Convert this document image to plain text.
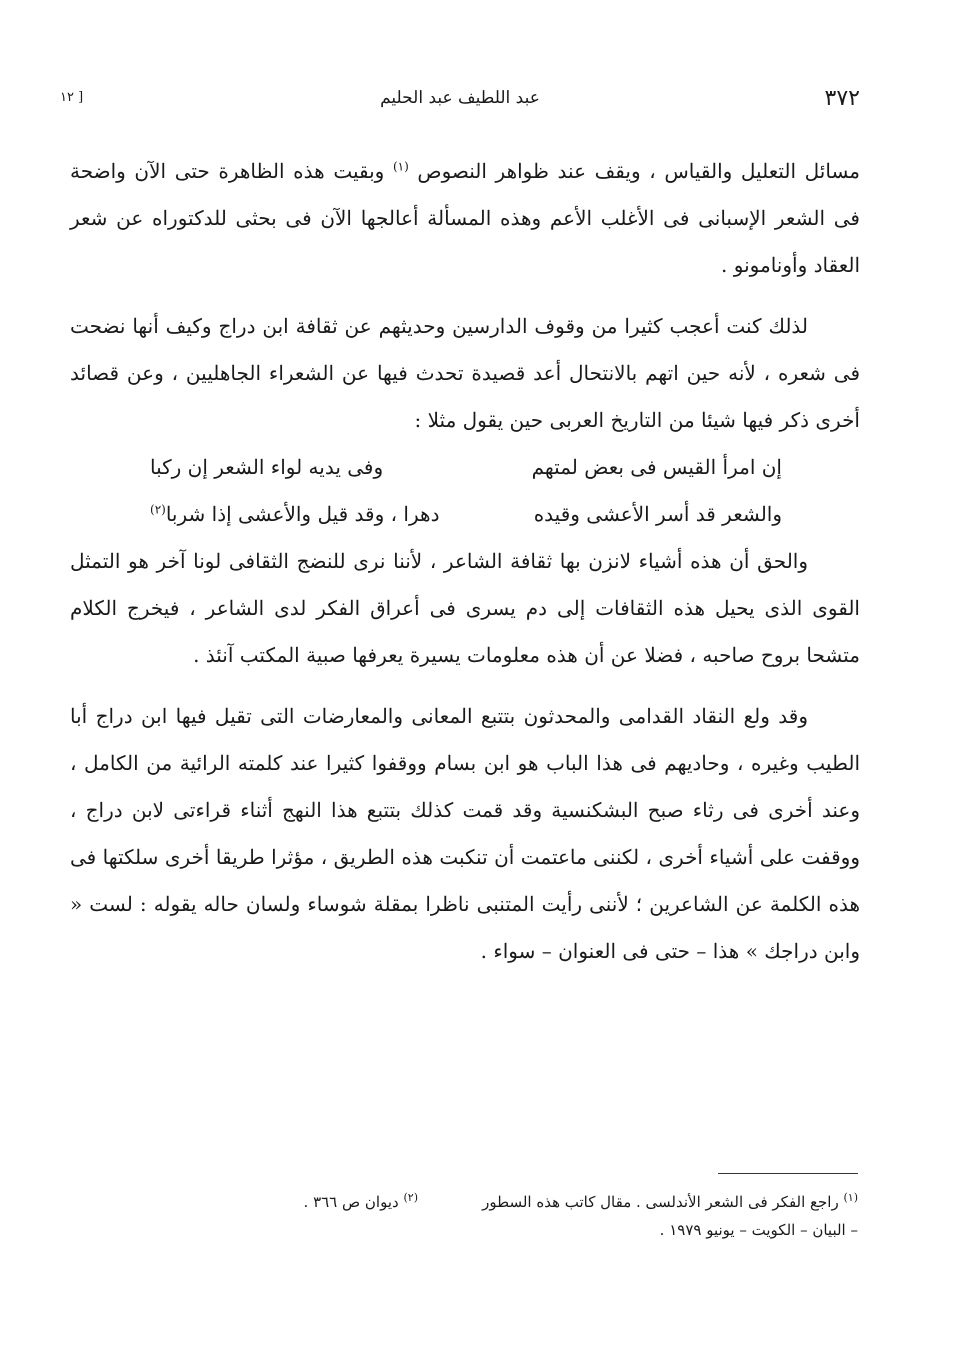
٣٧٢
عبد اللطيف عبد الحليم
[ ١٢

مسائل التعليل والقياس ، ويقف عند ظواهر النصوص $^{(١)}$ وبقيت هذه الظاهرة حتى الآن واضحة فى الشعر الإسبانى فى الأغلب الأعم وهذه المسألة أعالجها الآن فى بحثى للدكتوراه عن شعر العقاد وأونامونو .

لذلك كنت أعجب كثيرا من وقوف الدارسين وحديثهم عن ثقافة ابن دراج وكيف أنها نضحت فى شعره ، لأنه حين اتهم بالانتحال أعد قصيدة تحدث فيها عن الشعراء الجاهليين ، وعن قصائد أخرى ذكر فيها شيئا من التاريخ العربى حين يقول مثلا :

إن امرأ القيس فى بعض لمتهم
وفى يديه لواء الشعر إن ركبا
والشعر قد أسر الأعشى وقيده
دهرا ، وقد قيل والأعشى إذا شربا$^{(٢)}$

والحق أن هذه أشياء لانزن بها ثقافة الشاعر ، لأننا نرى للنضج الثقافى لونا آخر هو التمثل القوى الذى يحيل هذه الثقافات إلى دم يسرى فى أعراق الفكر لدى الشاعر ، فيخرج الكلام متشحا بروح صاحبه ، فضلا عن أن هذه معلومات يسيرة يعرفها صبية المكتب آنئذ .

وقد ولع النقاد القدامى والمحدثون بتتبع المعانى والمعارضات التى تقيل فيها ابن دراج أبا الطيب وغيره ، وحاديهم فى هذا الباب هو ابن بسام ووقفوا كثيرا عند كلمته الرائية من الكامل ، وعند أخرى فى رثاء صبح البشكنسية وقد قمت كذلك بتتبع هذا النهج أثناء قراءتى لابن دراج ، ووقفت على أشياء أخرى ، لكننى ماعتمت أن تنكبت هذه الطريق ، مؤثرا طريقا أخرى سلكتها فى هذه الكلمة عن الشاعرين ؛ لأننى رأيت المتنبى ناظرا بمقلة شوساء ولسان حاله يقوله : لست « وابن دراجك » هذا – حتى فى العنوان – سواء .

$^{(١)}$ راجع الفكر فى الشعر الأندلسى . مقال كاتب هذه السطور – البيان – الكويت – يونيو ١٩٧٩ .
$^{(٢)}$ ديوان ص ٣٦٦ .
